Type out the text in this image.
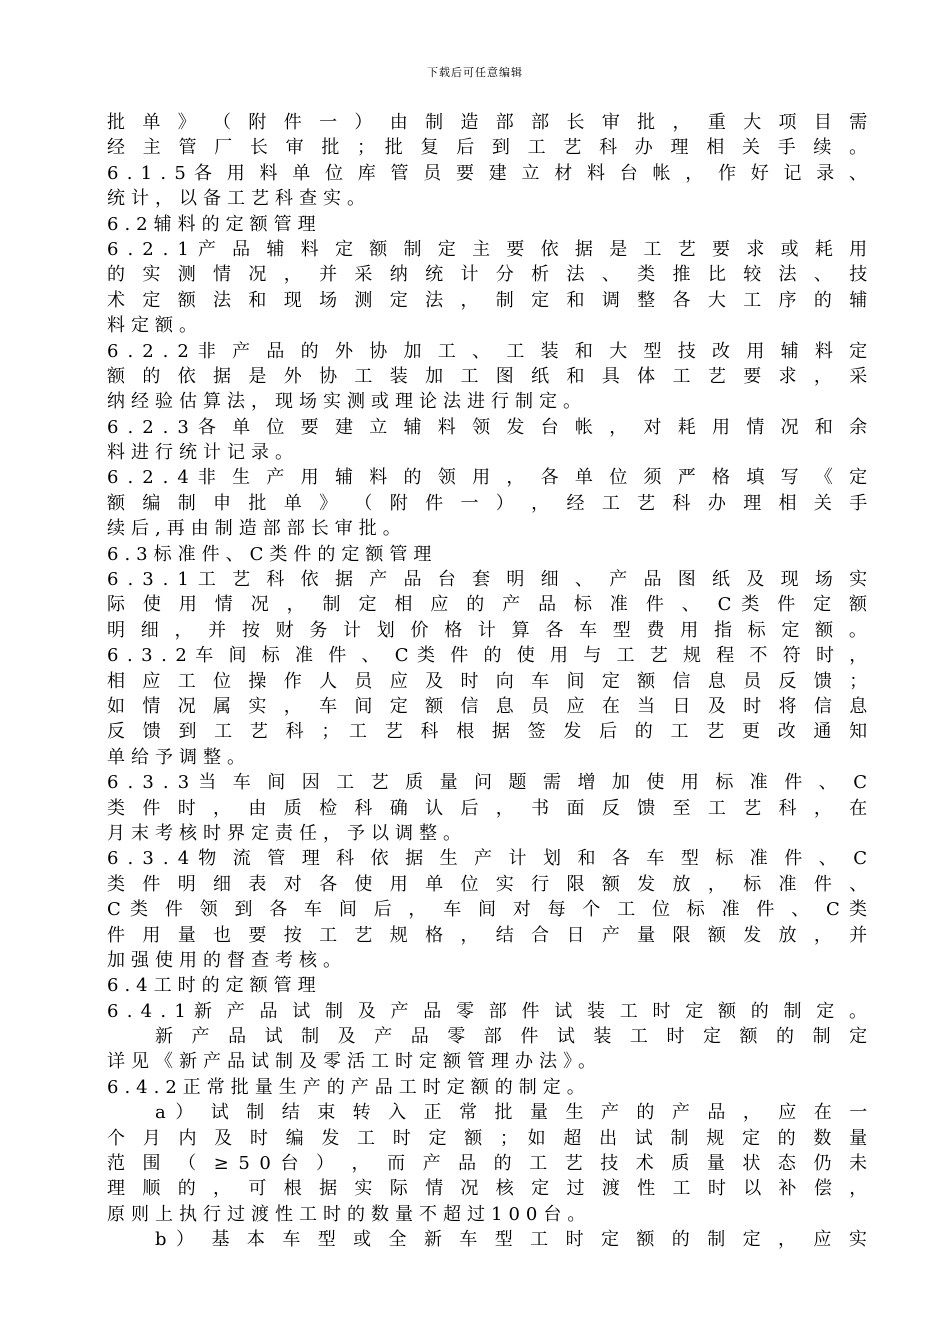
下载后可任意编辑
批 单 》 （ 附 件 一 ） 由 制 造 部 部 长 审 批 ， 重 大 项 目 需
经 主 管 厂 长 审 批 ； 批 复 后 到 工 艺 科 办 理 相 关 手 续 。
6 . 1 . 5 各 用 料 单 位 库 管 员 要 建 立 材 料 台 帐 ， 作 好 记 录 、
统计，以备工艺科查实。
6.2辅料的定额管理
6 . 2 . 1 产 品 辅 料 定 额 制 定 主 要 依 据 是 工 艺 要 求 或 耗 用
的 实 测 情 况 ， 并 采 纳 统 计 分 析 法 、 类 推 比 较 法 、 技
术 定 额 法 和 现 场 测 定 法 ， 制 定 和 调 整 各 大 工 序 的 辅
料定额。
6 . 2 . 2 非 产 品 的 外 协 加 工 、 工 装 和 大 型 技 改 用 辅 料 定
额 的 依 据 是 外 协 工 装 加 工 图 纸 和 具 体 工 艺 要 求 ， 采
纳经验估算法，现场实测或理论法进行制定。
6 . 2 . 3 各 单 位 要 建 立 辅 料 领 发 台 帐 ， 对 耗 用 情 况 和 余
料进行统计记录。
6 . 2 . 4 非 生 产 用 辅 料 的 领 用 ， 各 单 位 须 严 格 填 写 《 定
额 编 制 申 批 单 》 （ 附 件 一 ） ， 经 工 艺 科 办 理 相 关 手
续后,再由制造部部长审批。
6.3标准件、C类件的定额管理
6 . 3 . 1 工 艺 科 依 据 产 品 台 套 明 细 、 产 品 图 纸 及 现 场 实
际 使 用 情 况 ， 制 定 相 应 的 产 品 标 准 件 、 C 类 件 定 额
明 细 ， 并 按 财 务 计 划 价 格 计 算 各 车 型 费 用 指 标 定 额 。
6 . 3 . 2 车 间 标 准 件 、 C 类 件 的 使 用 与 工 艺 规 程 不 符 时 ，
相 应 工 位 操 作 人 员 应 及 时 向 车 间 定 额 信 息 员 反 馈 ；
如 情 况 属 实 ， 车 间 定 额 信 息 员 应 在 当 日 及 时 将 信 息
反 馈 到 工 艺 科 ； 工 艺 科 根 据 签 发 后 的 工 艺 更 改 通 知
单给予调整。
6 . 3 . 3 当 车 间 因 工 艺 质 量 问 题 需 增 加 使 用 标 准 件 、 C
类 件 时 ， 由 质 检 科 确 认 后 ， 书 面 反 馈 至 工 艺 科 ， 在
月末考核时界定责任，予以调整。
6 . 3 . 4 物 流 管 理 科 依 据 生 产 计 划 和 各 车 型 标 准 件 、 C
类 件 明 细 表 对 各 使 用 单 位 实 行 限 额 发 放 ， 标 准 件 、
C 类 件 领 到 各 车 间 后 ， 车 间 对 每 个 工 位 标 准 件 、 C 类
件 用 量 也 要 按 工 艺 规 格 ， 结 合 日 产 量 限 额 发 放 ， 并
加强使用的督查考核。
6.4工时的定额管理
6 . 4 . 1 新 产 品 试 制 及 产 品 零 部 件 试 装 工 时 定 额 的 制 定 。
新 产 品 试 制 及 产 品 零 部 件 试 装 工 时 定 额 的 制 定
详见《新产品试制及零活工时定额管理办法》。
6.4.2正常批量生产的产品工时定额的制定。
a ） 试 制 结 束 转 入 正 常 批 量 生 产 的 产 品 ， 应 在 一
个 月 内 及 时 编 发 工 时 定 额 ； 如 超 出 试 制 规 定 的 数 量
范 围 （ ≥ 5 0 台 ） ， 而 产 品 的 工 艺 技 术 质 量 状 态 仍 未
理 顺 的 ， 可 根 据 实 际 情 况 核 定 过 渡 性 工 时 以 补 偿 ，
原则上执行过渡性工时的数量不超过100台。
b ） 基 本 车 型 或 全 新 车 型 工 时 定 额 的 制 定 ， 应 实
